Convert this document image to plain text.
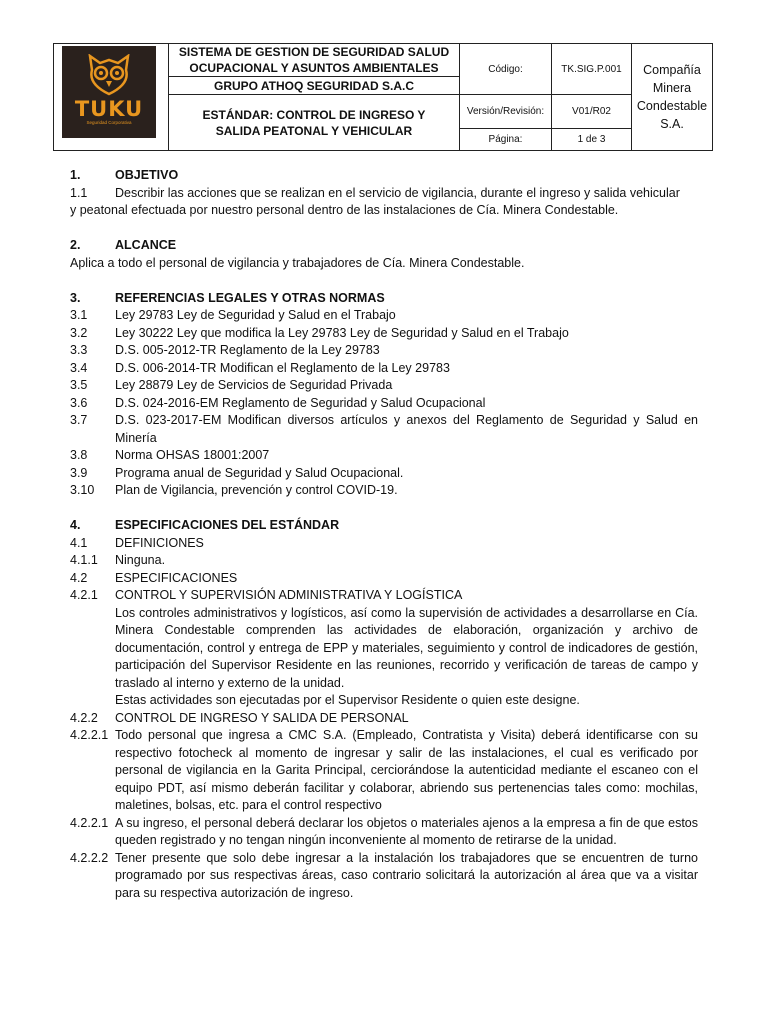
TUKU
Seguridad Corporativa
SISTEMA DE GESTION DE SEGURIDAD SALUD OCUPACIONAL Y ASUNTOS AMBIENTALES
GRUPO ATHOQ SEGURIDAD S.A.C
ESTÁNDAR: CONTROL DE INGRESO Y SALIDA PEATONAL Y VEHICULAR
Código:	TK.SIG.P.001
Versión/Revisión:	V01/R02
Página:	1 de 3
Compañía Minera Condestable S.A.
1.	OBJETIVO
1.1 Describir las acciones que se realizan en el servicio de vigilancia, durante el ingreso y salida vehicular
y peatonal efectuada por nuestro personal dentro de las instalaciones de Cía. Minera Condestable.
2.	ALCANCE
Aplica a todo el personal de vigilancia y trabajadores de Cía. Minera Condestable.
3.	REFERENCIAS LEGALES Y OTRAS NORMAS
3.1 Ley 29783 Ley de Seguridad y Salud en el Trabajo
3.2 Ley 30222 Ley que modifica la Ley 29783 Ley de Seguridad y Salud en el Trabajo
3.3 D.S. 005-2012-TR Reglamento de la Ley 29783
3.4 D.S. 006-2014-TR Modifican el Reglamento de la Ley 29783
3.5 Ley 28879 Ley de Servicios de Seguridad Privada
3.6 D.S. 024-2016-EM Reglamento de Seguridad y Salud Ocupacional
3.7 D.S. 023-2017-EM Modifican diversos artículos y anexos del Reglamento de Seguridad y Salud en Minería
3.8 Norma OHSAS 18001:2007
3.9 Programa anual de Seguridad y Salud Ocupacional.
3.10 Plan de Vigilancia, prevención y control COVID-19.
4.	ESPECIFICACIONES DEL ESTÁNDAR
4.1 DEFINICIONES
4.1.1 Ninguna.
4.2 ESPECIFICACIONES
4.2.1 CONTROL Y SUPERVISIÓN ADMINISTRATIVA Y LOGÍSTICA
Los controles administrativos y logísticos, así como la supervisión de actividades a desarrollarse en Cía. Minera Condestable comprenden las actividades de elaboración, organización y archivo de documentación, control y entrega de EPP y materiales, seguimiento y control de indicadores de gestión, participación del Supervisor Residente en las reuniones, recorrido y verificación de tareas de campo y traslado al interno y externo de la unidad.
Estas actividades son ejecutadas por el Supervisor Residente o quien este designe.
4.2.2 CONTROL DE INGRESO Y SALIDA DE PERSONAL
4.2.2.1 Todo personal que ingresa a CMC S.A. (Empleado, Contratista y Visita) deberá identificarse con su respectivo fotocheck al momento de ingresar y salir de las instalaciones, el cual es verificado por personal de vigilancia en la Garita Principal, cerciorándose la autenticidad mediante el escaneo con el equipo PDT, así mismo deberán facilitar y colaborar, abriendo sus pertenencias tales como: mochilas, maletines, bolsas, etc. para el control respectivo
4.2.2.1 A su ingreso, el personal deberá declarar los objetos o materiales ajenos a la empresa a fin de que estos queden registrado y no tengan ningún inconveniente al momento de retirarse de la unidad.
4.2.2.2 Tener presente que solo debe ingresar a la instalación los trabajadores que se encuentren de turno programado por sus respectivas áreas, caso contrario solicitará la autorización al área que va a visitar para su respectiva autorización de ingreso.
